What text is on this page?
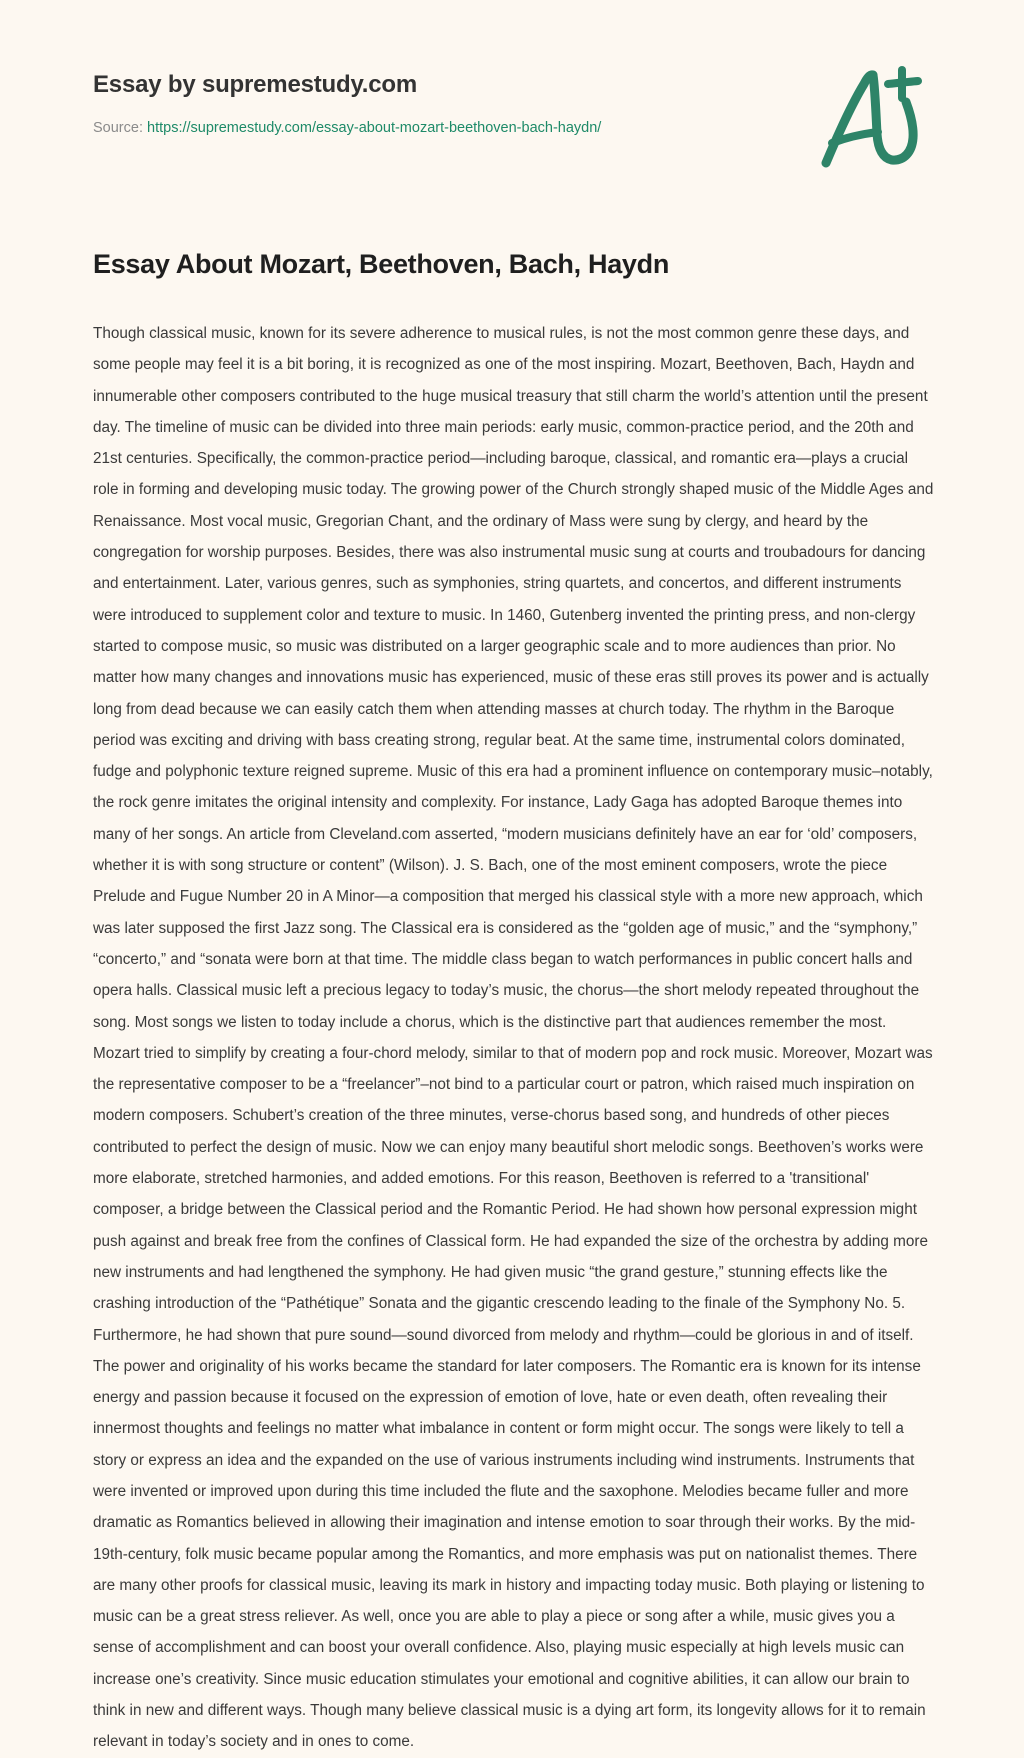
Essay by supremestudy.com
Source: https://supremestudy.com/essay-about-mozart-beethoven-bach-haydn/
Essay About Mozart, Beethoven, Bach, Haydn

Though classical music, known for its severe adherence to musical rules, is not the most common genre these days, and some people may feel it is a bit boring, it is recognized as one of the most inspiring. Mozart, Beethoven, Bach, Haydn and innumerable other composers contributed to the huge musical treasury that still charm the world’s attention until the present day. The timeline of music can be divided into three main periods: early music, common-practice period, and the 20th and 21st centuries. Specifically, the common-practice period—including baroque, classical, and romantic era—plays a crucial role in forming and developing music today. The growing power of the Church strongly shaped music of the Middle Ages and Renaissance. Most vocal music, Gregorian Chant, and the ordinary of Mass were sung by clergy, and heard by the congregation for worship purposes. Besides, there was also instrumental music sung at courts and troubadours for dancing and entertainment. Later, various genres, such as symphonies, string quartets, and concertos, and different instruments were introduced to supplement color and texture to music. In 1460, Gutenberg invented the printing press, and non-clergy started to compose music, so music was distributed on a larger geographic scale and to more audiences than prior. No matter how many changes and innovations music has experienced, music of these eras still proves its power and is actually long from dead because we can easily catch them when attending masses at church today. The rhythm in the Baroque period was exciting and driving with bass creating strong, regular beat. At the same time, instrumental colors dominated, fudge and polyphonic texture reigned supreme. Music of this era had a prominent influence on contemporary music–notably, the rock genre imitates the original intensity and complexity. For instance, Lady Gaga has adopted Baroque themes into many of her songs. An article from Cleveland.com asserted, “modern musicians definitely have an ear for ‘old’ composers, whether it is with song structure or content” (Wilson). J. S. Bach, one of the most eminent composers, wrote the piece Prelude and Fugue Number 20 in A Minor—a composition that merged his classical style with a more new approach, which was later supposed the first Jazz song. The Classical era is considered as the “golden age of music,” and the “symphony,” “concerto,” and “sonata were born at that time. The middle class began to watch performances in public concert halls and opera halls. Classical music left a precious legacy to today’s music, the chorus—the short melody repeated throughout the song. Most songs we listen to today include a chorus, which is the distinctive part that audiences remember the most. Mozart tried to simplify by creating a four-chord melody, similar to that of modern pop and rock music. Moreover, Mozart was the representative composer to be a “freelancer”–not bind to a particular court or patron, which raised much inspiration on modern composers. Schubert’s creation of the three minutes, verse-chorus based song, and hundreds of other pieces contributed to perfect the design of music. Now we can enjoy many beautiful short melodic songs. Beethoven’s works were more elaborate, stretched harmonies, and added emotions. For this reason, Beethoven is referred to a 'transitional' composer, a bridge between the Classical period and the Romantic Period. He had shown how personal expression might push against and break free from the confines of Classical form. He had expanded the size of the orchestra by adding more new instruments and had lengthened the symphony. He had given music “the grand gesture,” stunning effects like the crashing introduction of the “Pathétique” Sonata and the gigantic crescendo leading to the finale of the Symphony No. 5. Furthermore, he had shown that pure sound—sound divorced from melody and rhythm—could be glorious in and of itself. The power and originality of his works became the standard for later composers. The Romantic era is known for its intense energy and passion because it focused on the expression of emotion of love, hate or even death, often revealing their innermost thoughts and feelings no matter what imbalance in content or form might occur. The songs were likely to tell a story or express an idea and the expanded on the use of various instruments including wind instruments. Instruments that were invented or improved upon during this time included the flute and the saxophone. Melodies became fuller and more dramatic as Romantics believed in allowing their imagination and intense emotion to soar through their works. By the mid-19th-century, folk music became popular among the Romantics, and more emphasis was put on nationalist themes. There are many other proofs for classical music, leaving its mark in history and impacting today music. Both playing or listening to music can be a great stress reliever. As well, once you are able to play a piece or song after a while, music gives you a sense of accomplishment and can boost your overall confidence. Also, playing music especially at high levels music can increase one’s creativity. Since music education stimulates your emotional and cognitive abilities, it can allow our brain to think in new and different ways. Though many believe classical music is a dying art form, its longevity allows for it to remain relevant in today’s society and in ones to come.
